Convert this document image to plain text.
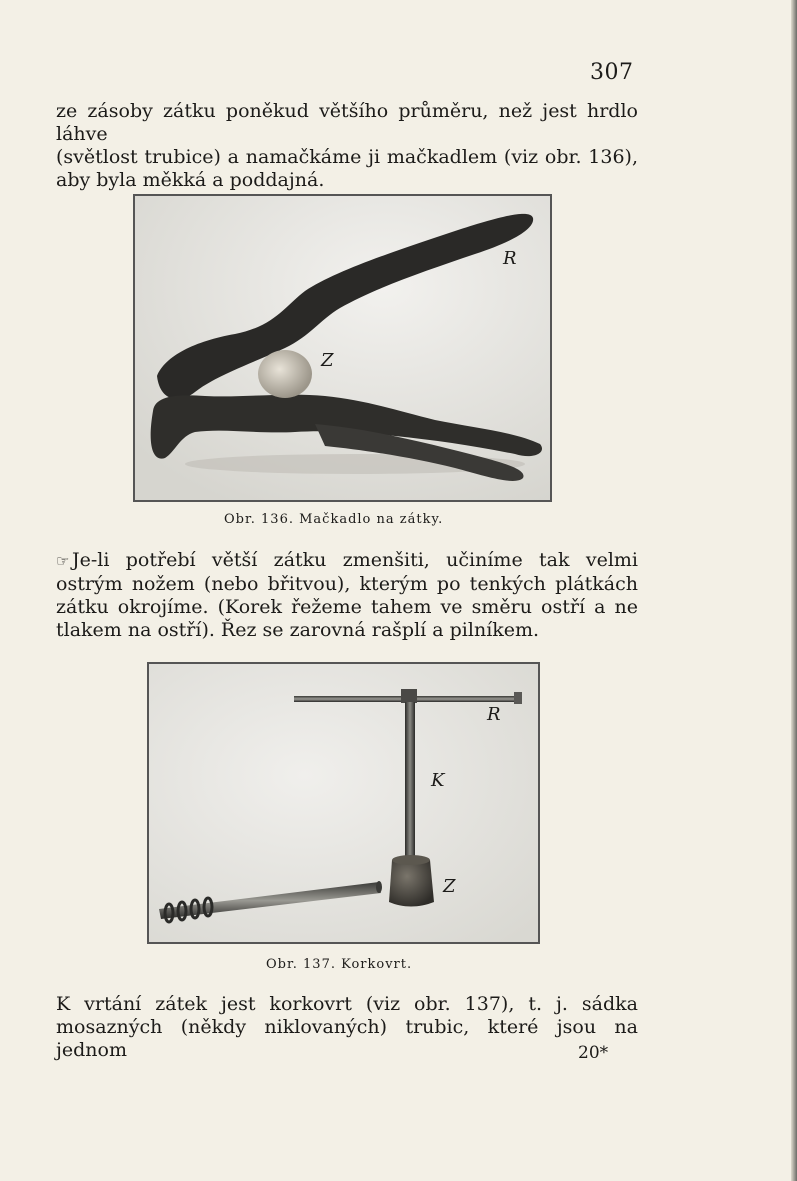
307

ze zásoby zátku poněkud většího průměru, než jest hrdlo láhve
(světlost trubice) a namačkáme ji mačkadlem (viz obr. 136),
aby byla měkká a poddajná.

R
Z

Obr. 136. Mačkadlo na zátky.

☞ Je-li potřebí větší zátku zmenšiti, učiníme tak velmi
ostrým nožem (nebo břitvou), kterým po tenkých plátkách
zátku okrojíme. (Korek řežeme tahem ve směru ostří a ne
tlakem na ostří). Řez se zarovná rašplí a pilníkem.

R
K
Z

Obr. 137. Korkovrt.

K vrtání zátek jest korkovrt (viz obr. 137), t. j. sádka
mosazných (někdy niklovaných) trubic, které jsou na jednom	20*
